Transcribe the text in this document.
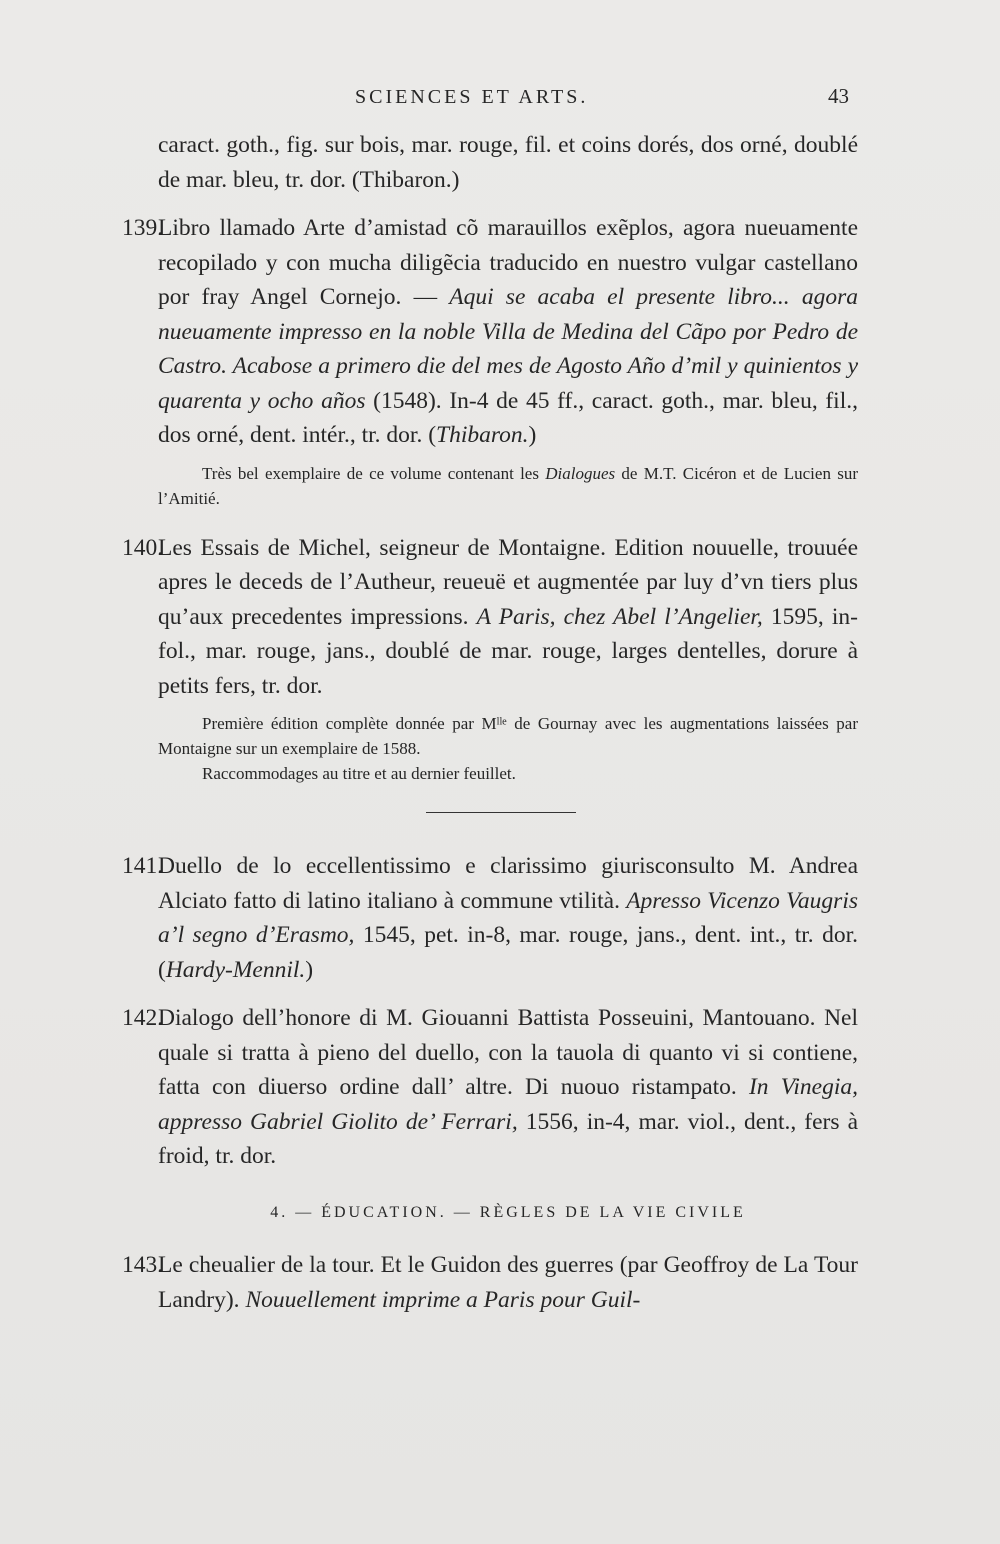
SCIENCES ET ARTS.	43

caract. goth., fig. sur bois, mar. rouge, fil. et coins dorés, dos orné, doublé de mar. bleu, tr. dor. (Thibaron.)

139.
Libro llamado Arte d’amistad cõ marauillos exẽplos, agora nueuamente recopilado y con mucha diligẽcia traducido en nuestro vulgar castellano por fray Angel Cornejo. — Aqui se acaba el presente libro... agora nueuamente impresso en la noble Villa de Medina del Cãpo por Pedro de Castro. Acabose a primero die del mes de Agosto Año d’mil y quinientos y quarenta y ocho años (1548). In-4 de 45 ff., caract. goth., mar. bleu, fil., dos orné, dent. intér., tr. dor. (Thibaron.)

Très bel exemplaire de ce volume contenant les Dialogues de M.T. Cicéron et de Lucien sur l’Amitié.

140.
Les Essais de Michel, seigneur de Montaigne. Edition nouuelle, trouuée apres le deceds de l’Autheur, reueuë et augmentée par luy d’vn tiers plus qu’aux precedentes impressions. A Paris, chez Abel l’Angelier, 1595, in-fol., mar. rouge, jans., doublé de mar. rouge, larges dentelles, dorure à petits fers, tr. dor.

Première édition complète donnée par Mˡˡᵉ de Gournay avec les augmentations laissées par Montaigne sur un exemplaire de 1588.

Raccommodages au titre et au dernier feuillet.

141.
Duello de lo eccellentissimo e clarissimo giurisconsulto M. Andrea Alciato fatto di latino italiano à commune vtilità. Apresso Vicenzo Vaugris a’l segno d’Erasmo, 1545, pet. in-8, mar. rouge, jans., dent. int., tr. dor. (Hardy-Mennil.)
142.
Dialogo dell’honore di M. Giouanni Battista Posseuini, Mantouano. Nel quale si tratta à pieno del duello, con la tauola di quanto vi si contiene, fatta con diuerso ordine dall’ altre. Di nuouo ristampato. In Vinegia, appresso Gabriel Giolito de’ Ferrari, 1556, in-4, mar. viol., dent., fers à froid, tr. dor.
4. — ÉDUCATION. — RÈGLES DE LA VIE CIVILE
143.
Le cheualier de la tour. Et le Guidon des guerres (par Geoffroy de La Tour Landry). Nouuellement imprime a Paris pour Guil-
